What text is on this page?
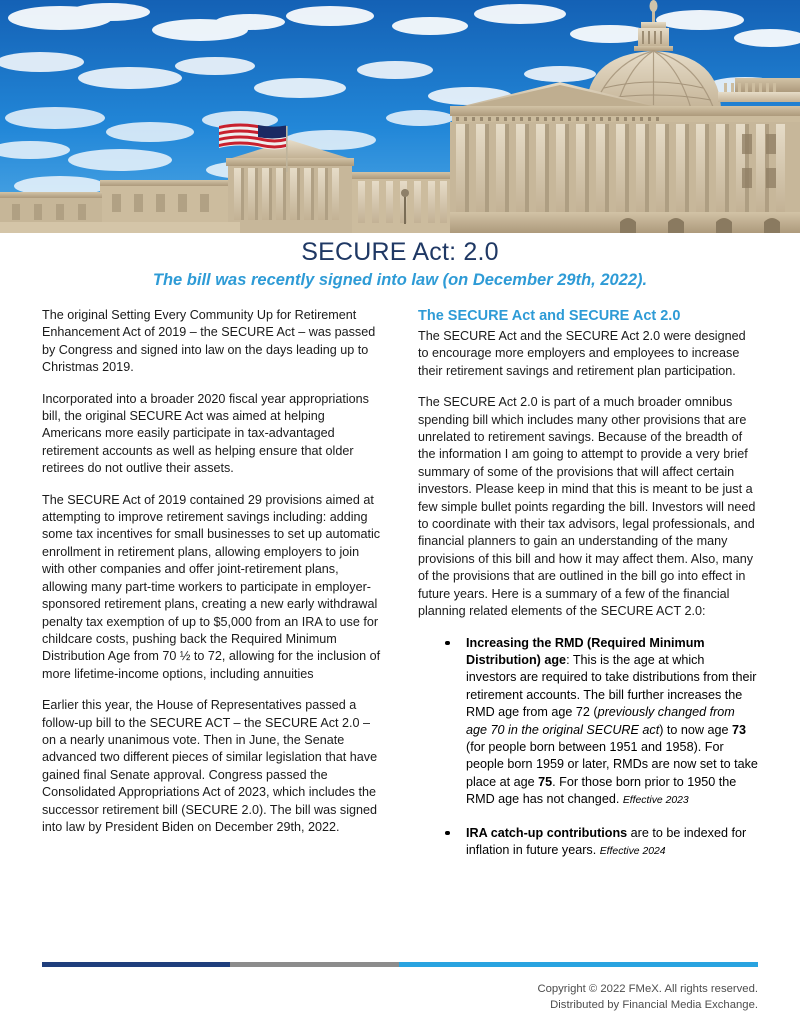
SECURE Act: 2.0
The bill was recently signed into law (on December 29th, 2022).

The original Setting Every Community Up for Retirement Enhancement Act of 2019 – the SECURE Act – was passed by Congress and signed into law on the days leading up to Christmas 2019.

Incorporated into a broader 2020 fiscal year appropriations bill, the original SECURE Act was aimed at helping Americans more easily participate in tax-advantaged retirement accounts as well as helping ensure that older retirees do not outlive their assets.

The SECURE Act of 2019 contained 29 provisions aimed at attempting to improve retirement savings including: adding some tax incentives for small businesses to set up automatic enrollment in retirement plans, allowing employers to join with other companies and offer joint-retirement plans, allowing many part-time workers to participate in employer-sponsored retirement plans, creating a new early withdrawal penalty tax exemption of up to $5,000 from an IRA to use for childcare costs, pushing back the Required Minimum Distribution Age from 70 ½ to 72, allowing for the inclusion of more lifetime-income options, including annuities

Earlier this year, the House of Representatives passed a follow-up bill to the SECURE ACT – the SECURE Act 2.0 – on a nearly unanimous vote. Then in June, the Senate advanced two different pieces of similar legislation that have gained final Senate approval. Congress passed the Consolidated Appropriations Act of 2023, which includes the successor retirement bill (SECURE 2.0). The bill was signed into law by President Biden on December 29th, 2022.

The SECURE Act and SECURE Act 2.0

The SECURE Act and the SECURE Act 2.0 were designed to encourage more employers and employees to increase their retirement savings and retirement plan participation.

The SECURE Act 2.0 is part of a much broader omnibus spending bill which includes many other provisions that are unrelated to retirement savings. Because of the breadth of the information I am going to attempt to provide a very brief summary of some of the provisions that will affect certain investors. Please keep in mind that this is meant to be just a few simple bullet points regarding the bill. Investors will need to coordinate with their tax advisors, legal professionals, and financial planners to gain an understanding of the many provisions of this bill and how it may affect them. Also, many of the provisions that are outlined in the bill go into effect in future years. Here is a summary of a few of the financial planning related elements of the SECURE ACT 2.0:

Increasing the RMD (Required Minimum Distribution) age: This is the age at which investors are required to take distributions from their retirement accounts. The bill further increases the RMD age from age 72 (previously changed from age 70 in the original SECURE act) to now age 73 (for people born between 1951 and 1958). For people born 1959 or later, RMDs are now set to take place at age 75. For those born prior to 1950 the RMD age has not changed. Effective 2023
IRA catch-up contributions are to be indexed for inflation in future years. Effective 2024
Copyright © 2022 FMeX. All rights reserved.
Distributed by Financial Media Exchange.
